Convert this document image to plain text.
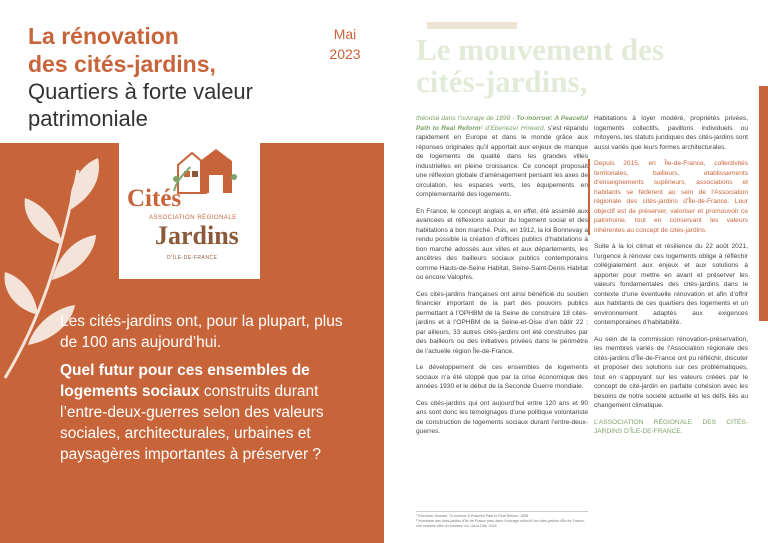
La rénovation
des cités-jardins,
Quartiers à forte valeur
patrimoniale
Mai
2023
Cités
ASSOCIATION RÉGIONALE
Jardins
D'ÎLE-DE-FRANCE
Les cités-jardins ont, pour la plupart, plus de 100 ans aujourd’hui.
Quel futur pour ces ensembles de logements sociaux construits durant l’entre-deux-guerres selon des valeurs sociales, architecturales, urbaines et paysagères importantes à préserver ?
Le mouvement des
cités-jardins,

théorisé dans l’ouvrage de 1898 - To-morrow: A Peaceful Path to Real Reform¹ d’Ebenezer Howard, s’est répandu rapidement en Europe et dans le monde grâce aux réponses originales qu’il apportait aux enjeux de manque de logements de qualité dans les grandes villes industrielles en pleine croissance. Ce concept proposait une réflexion globale d’aménagement pensant les axes de circulation, les espaces verts, les équipements en complémentarité des logements.

En France, le concept anglais a, en effet, été assimilé aux avancées et réflexions autour du logement social et des habitations à bon marché. Puis, en 1912, la loi Bonnevay a rendu possible la création d’offices publics d’habitations à bon marché adossés aux villes et aux départements, les ancêtres des bailleurs sociaux publics contemporains comme Hauts-de-Seine Habitat, Seine-Saint-Denis Habitat ou encore Valophis.

Ces cités-jardins françaises ont ainsi bénéficié du soutien financier important de la part des pouvoirs publics permettant à l’OPHBM de la Seine de construire 18 cités-jardins et à l’OPHBM de la Seine-et-Oise d’en bâtir 22 ; par ailleurs, 33 autres cités-jardins ont été construites par des bailleurs ou des initiatives privées dans le périmètre de l’actuelle région Île-de-France.

Le développement de ces ensembles de logements sociaux n’a été stoppé que par la crise économique des années 1930 et le début de la Seconde Guerre mondiale.

Ces cités-jardins qui ont aujourd’hui entre 120 ans et 90 ans sont donc les témoignages d’une politique volontariste de construction de logements sociaux durant l’entre-deux-guerres.

Habitations à loyer modéré, propriétés privées, logements collectifs, pavillons individuels ou mitoyens, les statuts juridiques des cités-jardins sont aussi variés que leurs formes architecturales.

Depuis 2015, en Île-de-France, collectivités territoriales, bailleurs, établissements d’enseignements supérieurs, associations et habitants se fédèrent au sein de l’Association régionale des cités-jardins d’Île-de-France. Leur objectif est de préserver, valoriser et promouvoir ce patrimoine, tout en conservant les valeurs inhérentes au concept de cités-jardins.

Suite à la loi climat et résilience du 22 août 2021, l’urgence à rénover ces logements oblige à réfléchir collégialement aux enjeux et aux solutions à apporter pour mettre en avant et préserver les valeurs fondamentales des cités-jardins dans le contexte d’une éventuelle rénovation et afin d’offrir aux habitants de ces quartiers des logements et un environnement adaptés aux exigences contemporaines d’habitabilité.

Au sein de la commission rénovation-préservation, les membres variés de l’Association régionale des cités-jardins d’Île-de-France ont pu réfléchir, discuter et proposer des solutions sur ces problématiques, tout en s’appuyant sur les valeurs créées par le concept de cité-jardin en parfaite cohésion avec les besoins de notre société actuelle et les défis liés au changement climatique.

L’ASSOCIATION RÉGIONALE DES CITÉS-JARDINS D’ÎLE-DE-FRANCE.

¹ Ebenezer Howard, To-morrow: A Peaceful Path to Real Reform, 1898
² Inventaire des cités-jardins d’Île-de-France paru dans l’ouvrage collectif Les cités-jardins d’Île-de-France, une certaine idée du bonheur, ed. Lieux-Dits, 2018
